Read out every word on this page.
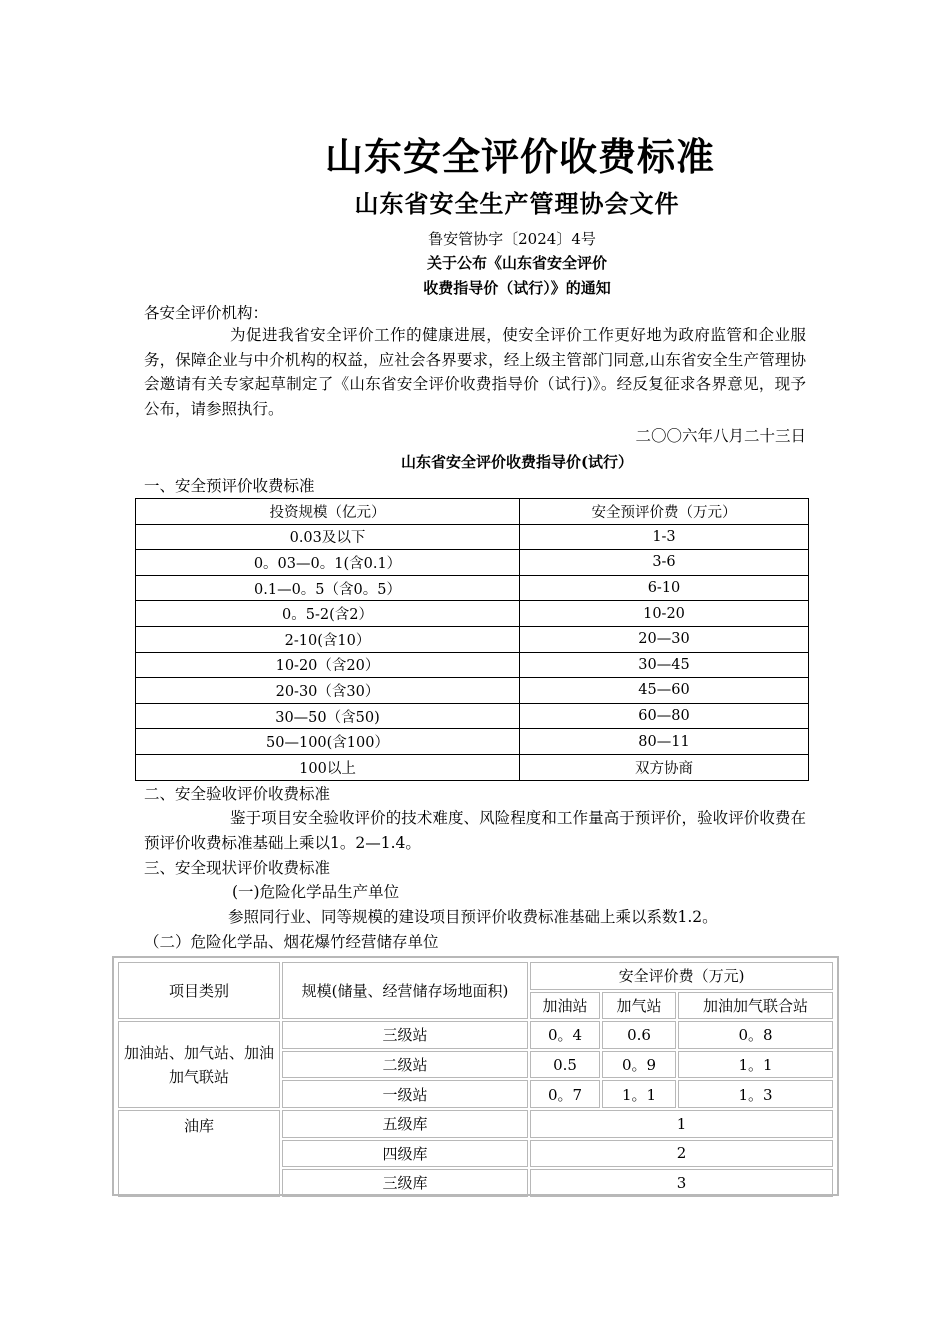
山东安全评价收费标准
山东省安全生产管理协会文件
鲁安管协字〔2024〕4号
关于公布《山东省安全评价
收费指导价（试行）》的通知
各安全评价机构：
为促进我省安全评价工作的健康进展，使安全评价工作更好地为政府监管和企业服务，保障企业与中介机构的权益，应社会各界要求，经上级主管部门同意,山东省安全生产管理协会邀请有关专家起草制定了《山东省安全评价收费指导价（试行)》。经反复征求各界意见，现予公布，请参照执行。
二〇〇六年八月二十三日
山东省安全评价收费指导价(试行）
一、安全预评价收费标准
投资规模（亿元）	安全预评价费（万元）
0.03及以下	1-3
0。03—0。1(含0.1）	3-6
0.1—0。5（含0。5）	6-10
0。5-2(含2）	10-20
2-10(含10）	20—30
10-20（含20）	30—45
20-30（含30）	45—60
30—50（含50)	60—80
50—100(含100）	80—11
100以上	双方协商
二、安全验收评价收费标准
鉴于项目安全验收评价的技术难度、风险程度和工作量高于预评价，验收评价收费在预评价收费标准基础上乘以1。2—1.4。
三、安全现状评价收费标准
(一)危险化学品生产单位
参照同行业、同等规模的建设项目预评价收费标准基础上乘以系数1.2。
（二）危险化学品、烟花爆竹经营储存单位
项目类别	规模(储量、经营储存场地面积)	安全评价费（万元)		
		加油站	加气站	加油加气联合站
加油站、加气站、加油加气联站	三级站	0。4	0.6	0。8
	二级站	0.5	0。9	1。1
	一级站	0。7	1。1	1。3
油库	五级库	1		
	四级库	2		
	三级库	3		
